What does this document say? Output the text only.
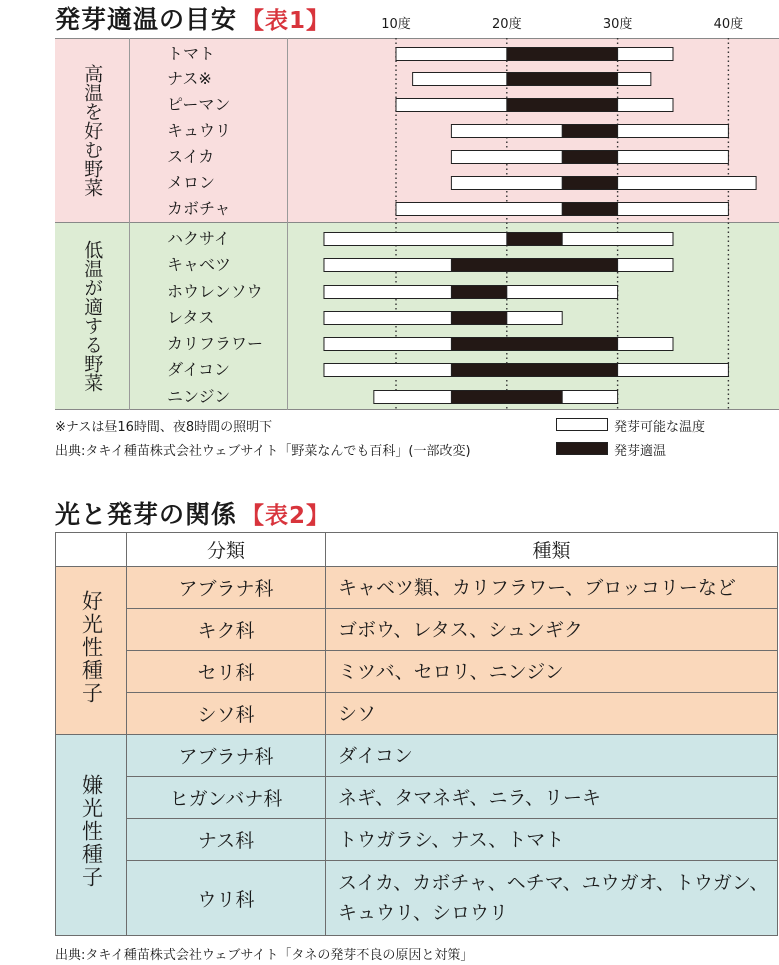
発芽適温の目安 【表1】	10度	20度	30度	40度
高温を好む野菜
低温が適する野菜
トマト
ナス※
ピーマン
キュウリ
スイカ
メロン
カボチャ
ハクサイ
キャベツ
ホウレンソウ
レタス
カリフラワー
ダイコン
ニンジン
※ナスは昼16時間、夜8時間の照明下
出典:タキイ種苗株式会社ウェブサイト「野菜なんでも百科」(一部改変)
発芽可能な温度
発芽適温
光と発芽の関係 【表2】
	分類	種類
好光性種子	アブラナ科	キャベツ類、カリフラワー、ブロッコリーなど
	キク科	ゴボウ、レタス、シュンギク
	セリ科	ミツバ、セロリ、ニンジン
	シソ科	シソ
嫌光性種子	アブラナ科	ダイコン
	ヒガンバナ科	ネギ、タマネギ、ニラ、リーキ
	ナス科	トウガラシ、ナス、トマト
	ウリ科	スイカ、カボチャ、ヘチマ、ユウガオ、トウガン、キュウリ、シロウリ
出典:タキイ種苗株式会社ウェブサイト「タネの発芽不良の原因と対策」
